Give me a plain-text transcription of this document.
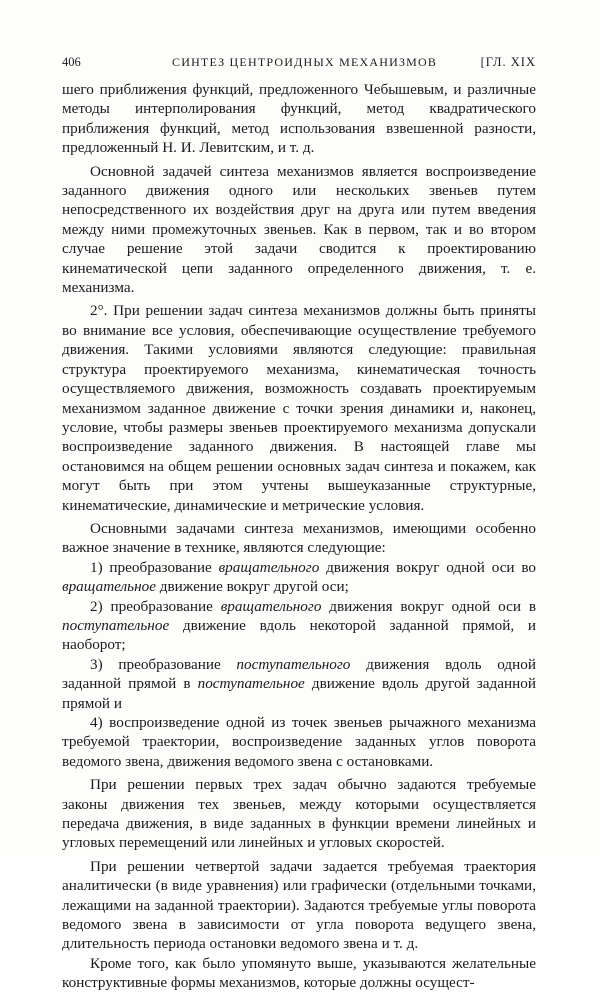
406	СИНТЕЗ ЦЕНТРОИДНЫХ МЕХАНИЗМОВ	[ГЛ. XIX

шего приближения функций, предложенного Чебышевым, и различные методы интерполирования функций, метод квадратического приближения функций, метод использования взвешенной разности, предложенный Н. И. Левитским, и т. д.

Основной задачей синтеза механизмов является воспроизведение заданного движения одного или нескольких звеньев путем непосредственного их воздействия друг на друга или путем введения между ними промежуточных звеньев. Как в первом, так и во втором случае решение этой задачи сводится к проектированию кинематической цепи заданного определенного движения, т. е. механизма.

2°. При решении задач синтеза механизмов должны быть приняты во внимание все условия, обеспечивающие осуществление требуемого движения. Такими условиями являются следующие: правильная структура проектируемого механизма, кинематическая точность осуществляемого движения, возможность создавать проектируемым механизмом заданное движение с точки зрения динамики и, наконец, условие, чтобы размеры звеньев проектируемого механизма допускали воспроизведение заданного движения. В настоящей главе мы остановимся на общем решении основных задач синтеза и покажем, как могут быть при этом учтены вышеуказанные структурные, кинематические, динамические и метрические условия.

Основными задачами синтеза механизмов, имеющими особенно важное значение в технике, являются следующие:

1) преобразование вращательного движения вокруг одной оси во вращательное движение вокруг другой оси;

2) преобразование вращательного движения вокруг одной оси в поступательное движение вдоль некоторой заданной прямой, и наоборот;

3) преобразование поступательного движения вдоль одной заданной прямой в поступательное движение вдоль другой заданной прямой и

4) воспроизведение одной из точек звеньев рычажного механизма требуемой траектории, воспроизведение заданных углов поворота ведомого звена, движения ведомого звена с остановками.

При решении первых трех задач обычно задаются требуемые законы движения тех звеньев, между которыми осуществляется передача движения, в виде заданных в функции времени линейных и угловых перемещений или линейных и угловых скоростей.

При решении четвертой задачи задается требуемая траектория аналитически (в виде уравнения) или графически (отдельными точками, лежащими на заданной траектории). Задаются требуемые углы поворота ведомого звена в зависимости от угла поворота ведущего звена, длительность периода остановки ведомого звена и т. д.

Кроме того, как было упомянуто выше, указываются желательные конструктивные формы механизмов, которые должны осущест-
